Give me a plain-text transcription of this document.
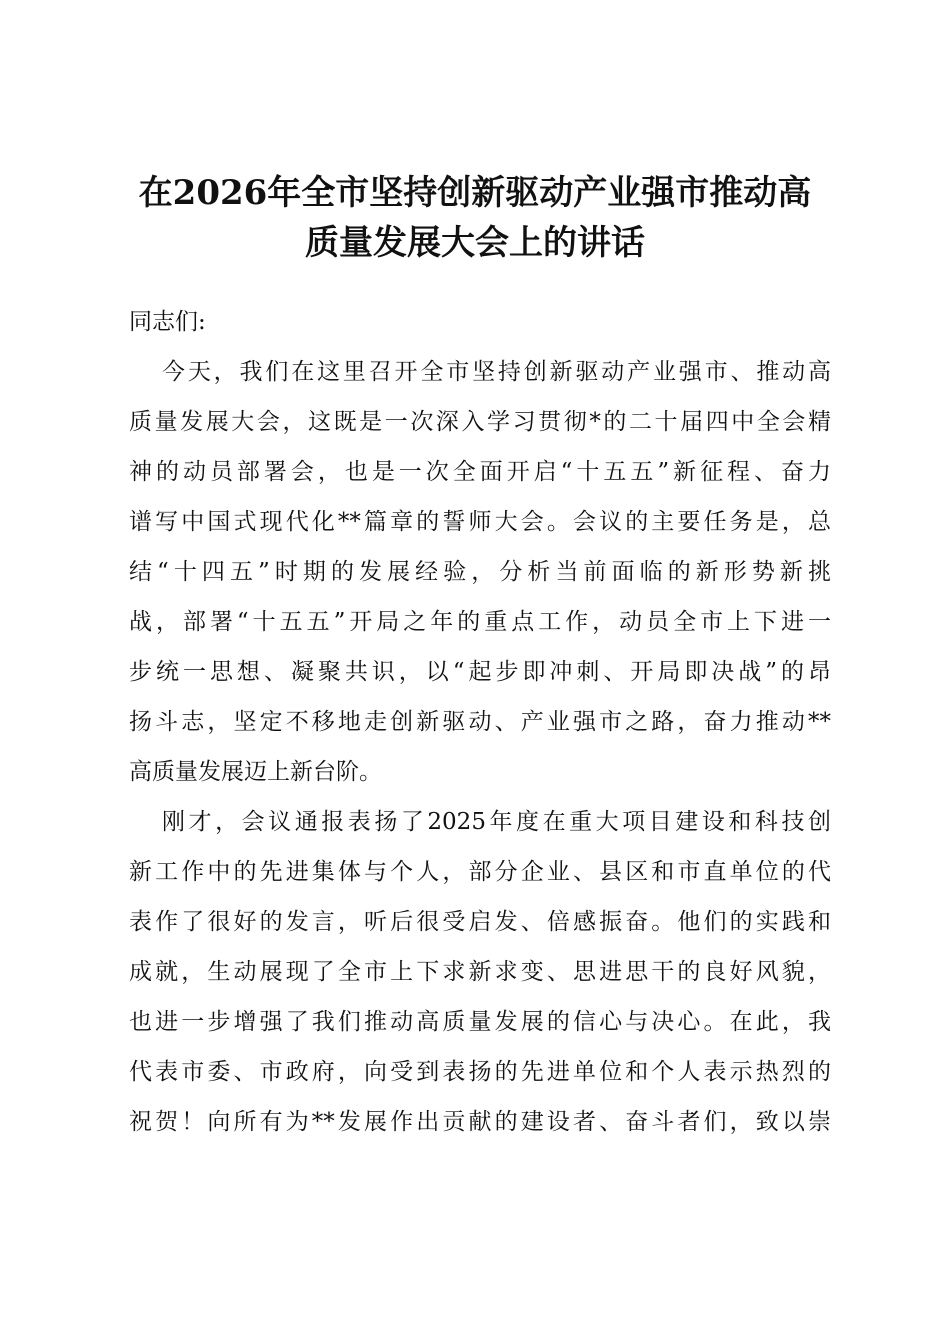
在2026年全市坚持创新驱动产业强市推动高
质量发展大会上的讲话
同志们:
今天，我们在这里召开全市坚持创新驱动产业强市、推动高
质量发展大会，这既是一次深入学习贯彻*的二十届四中全会精
神的动员部署会，也是一次全面开启“十五五”新征程、奋力
谱写中国式现代化**篇章的誓师大会。会议的主要任务是，总
结“十四五”时期的发展经验，分析当前面临的新形势新挑
战，部署“十五五”开局之年的重点工作，动员全市上下进一
步统一思想、凝聚共识，以“起步即冲刺、开局即决战”的昂
扬斗志，坚定不移地走创新驱动、产业强市之路，奋力推动**
高质量发展迈上新台阶。
刚才，会议通报表扬了2025年度在重大项目建设和科技创
新工作中的先进集体与个人，部分企业、县区和市直单位的代
表作了很好的发言，听后很受启发、倍感振奋。他们的实践和
成就，生动展现了全市上下求新求变、思进思干的良好风貌，
也进一步增强了我们推动高质量发展的信心与决心。在此，我
代表市委、市政府，向受到表扬的先进单位和个人表示热烈的
祝贺！向所有为**发展作出贡献的建设者、奋斗者们，致以崇
